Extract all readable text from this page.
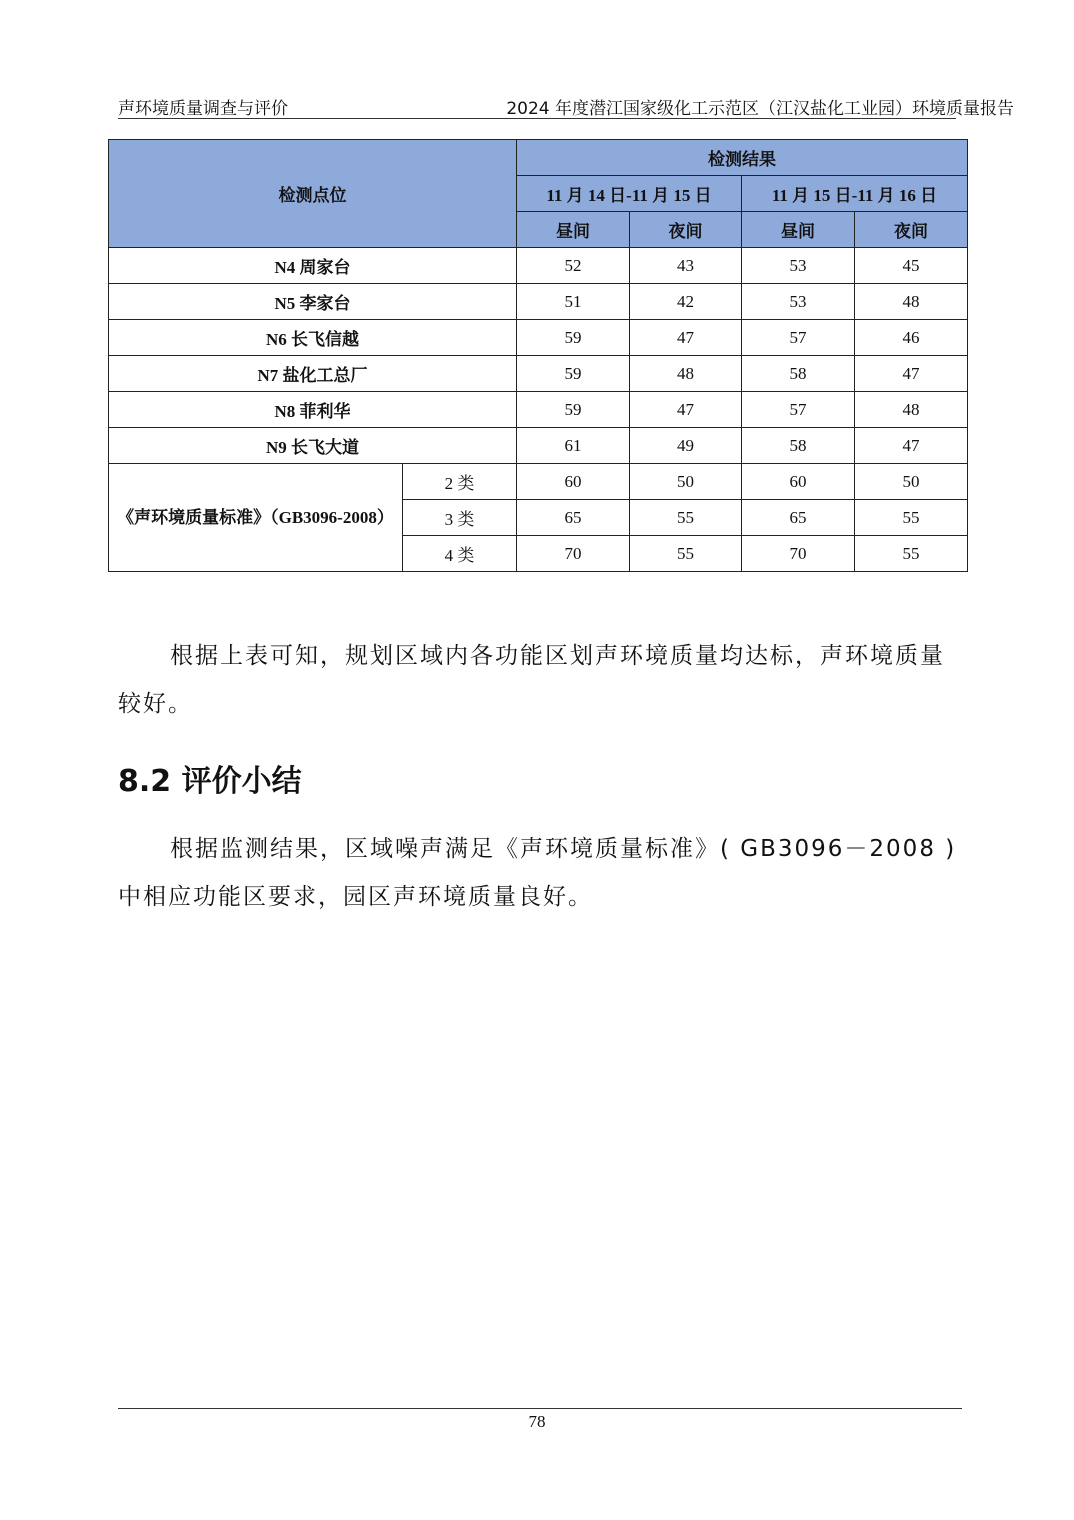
声环境质量调查与评价	2024 年度潜江国家级化工示范区（江汉盐化工业园）环境质量报告
检测点位		检测结果			
		11 月 14 日-11 月 15 日		11 月 15 日-11 月 16 日	
		昼间	夜间	昼间	夜间
N4 周家台		52	43	53	45
N5 李家台		51	42	53	48
N6 长飞信越		59	47	57	46
N7 盐化工总厂		59	48	58	47
N8 菲利华		59	47	57	48
N9 长飞大道		61	49	58	47
《声环境质量标准》（GB3096-2008）	2 类	60	50	60	50
	3 类	65	55	65	55
	4 类	70	55	70	55
根据上表可知，规划区域内各功能区划声环境质量均达标，声环境质量较好。
8.2 评价小结
根据监测结果，区域噪声满足《声环境质量标准》( GB3096－2008 ) 中相应功能区要求，园区声环境质量良好。
78
